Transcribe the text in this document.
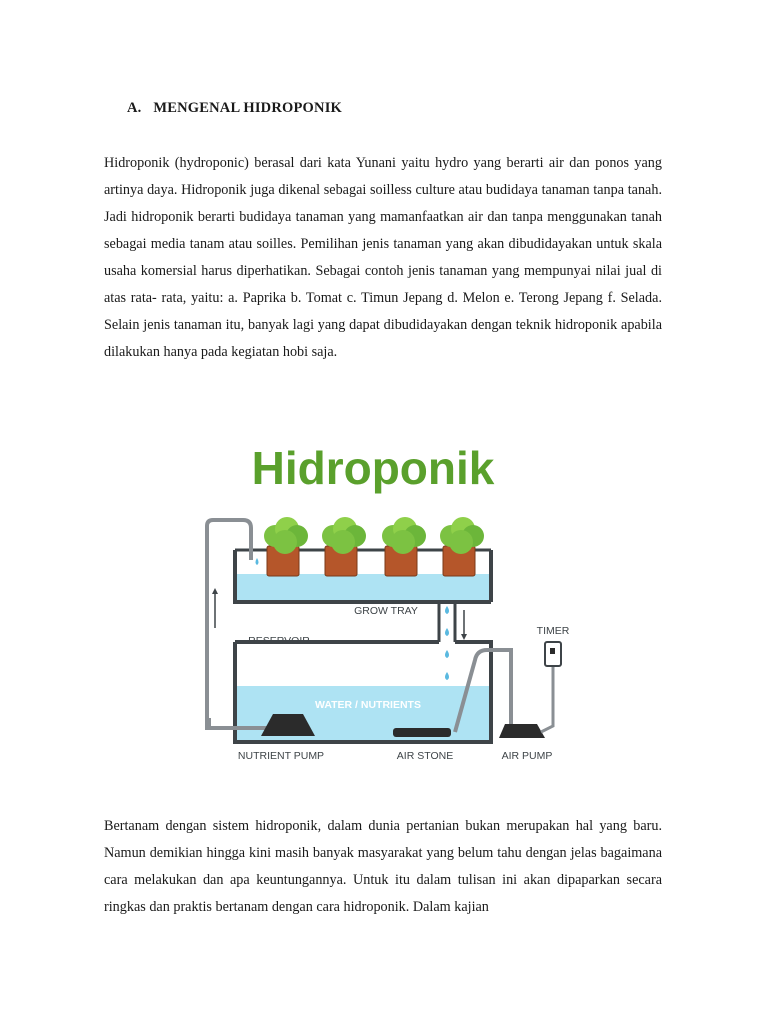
A. MENGENAL HIDROPONIK

Hidroponik (hydroponic) berasal dari kata Yunani yaitu hydro yang berarti air dan ponos yang artinya daya. Hidroponik juga dikenal sebagai soilless culture atau budidaya tanaman tanpa tanah. Jadi hidroponik berarti budidaya tanaman yang mamanfaatkan air dan tanpa menggunakan tanah sebagai media tanam atau soilles. Pemilihan jenis tanaman yang akan dibudidayakan untuk skala usaha komersial harus diperhatikan. Sebagai contoh jenis tanaman yang mempunyai nilai jual di atas rata- rata, yaitu: a. Paprika b. Tomat c. Timun Jepang d. Melon e. Terong Jepang f. Selada. Selain jenis tanaman itu, banyak lagi yang dapat dibudidayakan dengan teknik hidroponik apabila dilakukan hanya pada kegiatan hobi saja.

Hidroponik
GROW TRAY
RESERVOIR
TIMER
WATER / NUTRIENTS
NUTRIENT PUMP	AIR STONE	AIR PUMP

Bertanam dengan sistem hidroponik, dalam dunia pertanian bukan merupakan hal yang baru. Namun demikian hingga kini masih banyak masyarakat yang belum tahu dengan jelas bagaimana cara melakukan dan apa keuntungannya. Untuk itu dalam tulisan ini akan dipaparkan secara ringkas dan praktis bertanam dengan cara hidroponik. Dalam kajian
